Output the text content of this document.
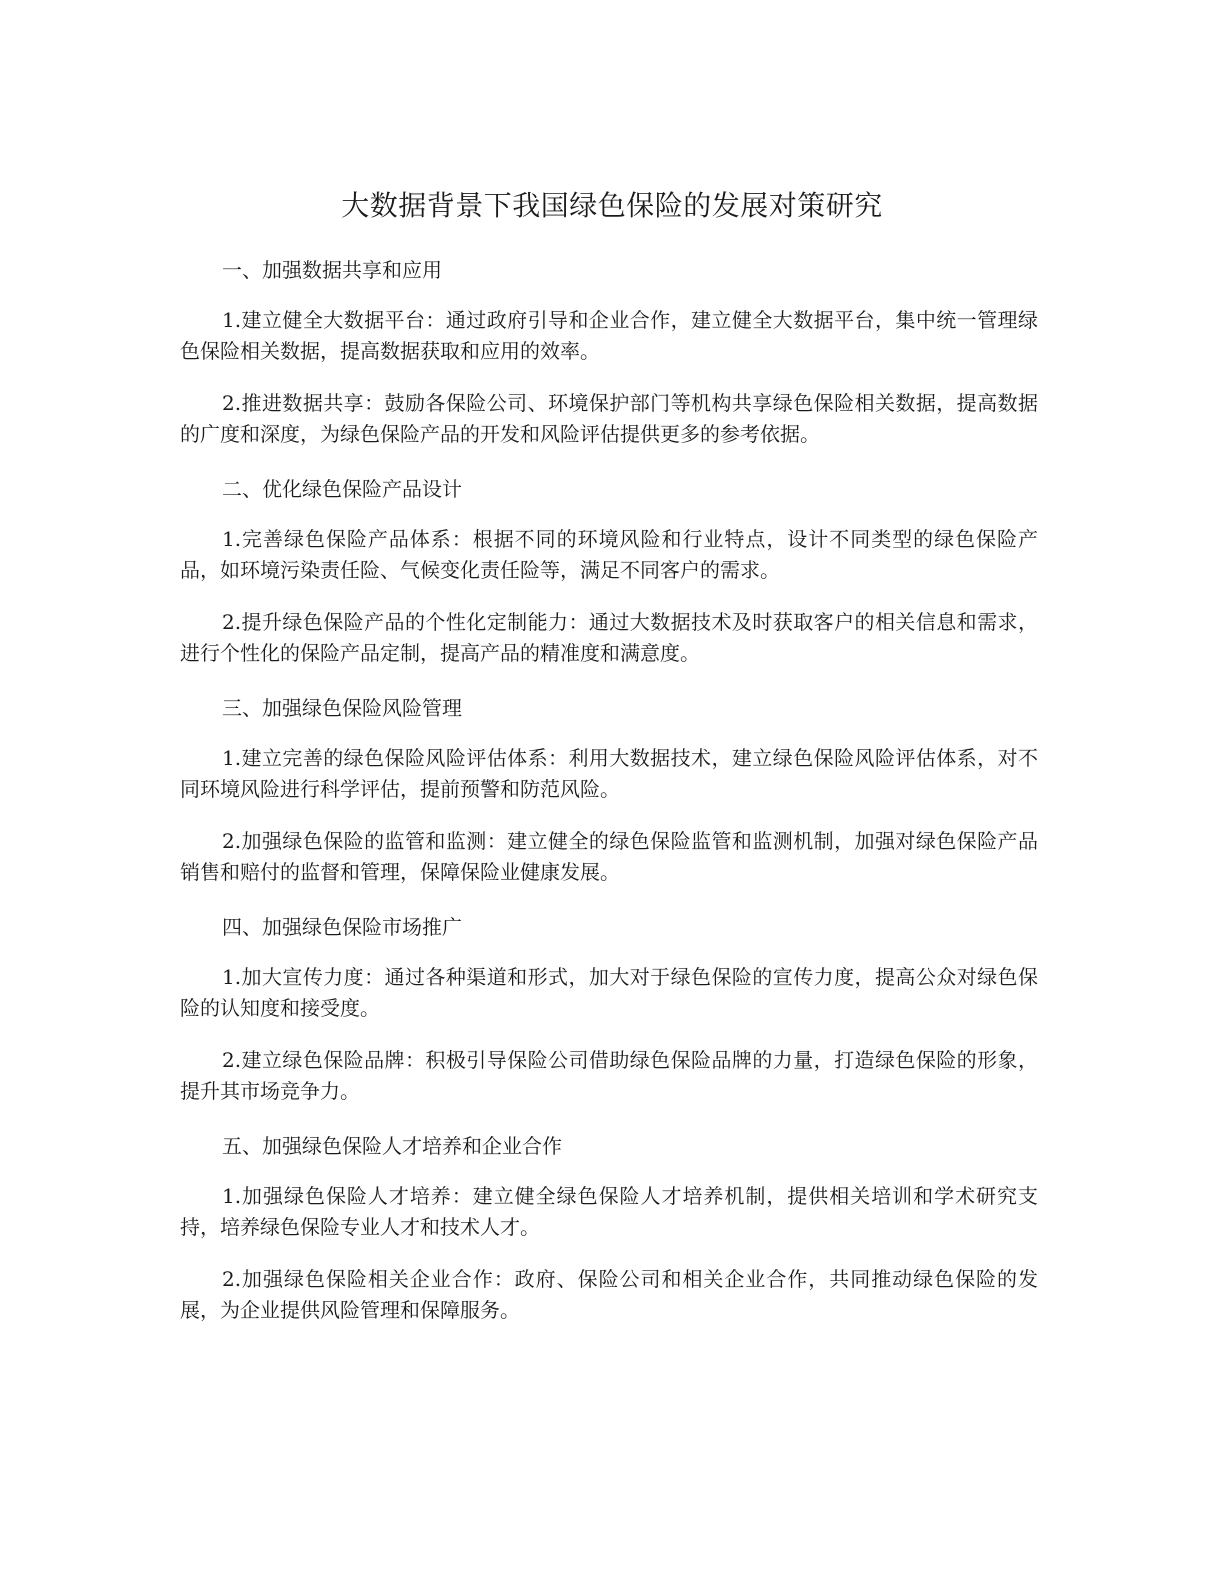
大数据背景下我国绿色保险的发展对策研究

一、加强数据共享和应用

1.建立健全大数据平台：通过政府引导和企业合作，建立健全大数据平台，集中统一管理绿色保险相关数据，提高数据获取和应用的效率。

2.推进数据共享：鼓励各保险公司、环境保护部门等机构共享绿色保险相关数据，提高数据的广度和深度，为绿色保险产品的开发和风险评估提供更多的参考依据。

二、优化绿色保险产品设计

1.完善绿色保险产品体系：根据不同的环境风险和行业特点，设计不同类型的绿色保险产品，如环境污染责任险、气候变化责任险等，满足不同客户的需求。

2.提升绿色保险产品的个性化定制能力：通过大数据技术及时获取客户的相关信息和需求，进行个性化的保险产品定制，提高产品的精准度和满意度。

三、加强绿色保险风险管理

1.建立完善的绿色保险风险评估体系：利用大数据技术，建立绿色保险风险评估体系，对不同环境风险进行科学评估，提前预警和防范风险。

2.加强绿色保险的监管和监测：建立健全的绿色保险监管和监测机制，加强对绿色保险产品销售和赔付的监督和管理，保障保险业健康发展。

四、加强绿色保险市场推广

1.加大宣传力度：通过各种渠道和形式，加大对于绿色保险的宣传力度，提高公众对绿色保险的认知度和接受度。

2.建立绿色保险品牌：积极引导保险公司借助绿色保险品牌的力量，打造绿色保险的形象，提升其市场竞争力。

五、加强绿色保险人才培养和企业合作

1.加强绿色保险人才培养：建立健全绿色保险人才培养机制，提供相关培训和学术研究支持，培养绿色保险专业人才和技术人才。

2.加强绿色保险相关企业合作：政府、保险公司和相关企业合作，共同推动绿色保险的发展，为企业提供风险管理和保障服务。
